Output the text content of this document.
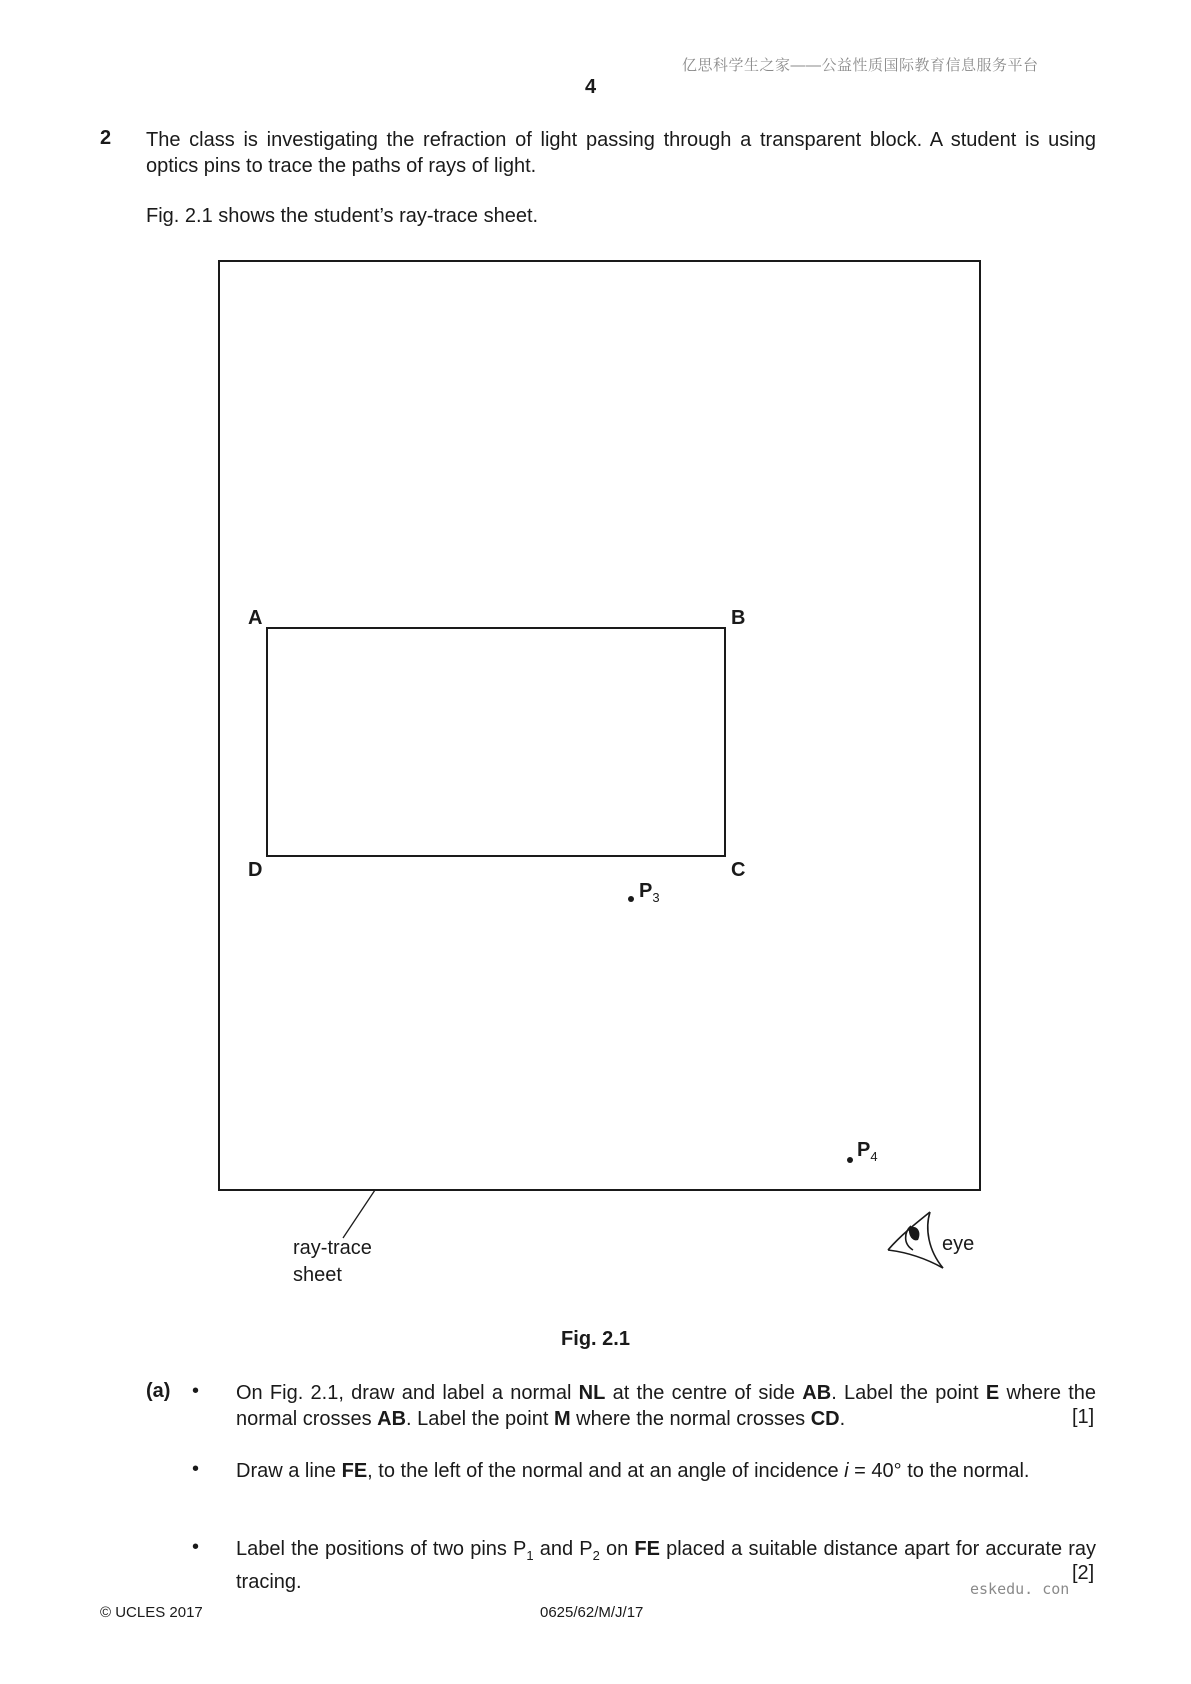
亿思科学生之家——公益性质国际教育信息服务平台
4
2 The class is investigating the refraction of light passing through a transparent block. A student is using optics pins to trace the paths of rays of light.
Fig. 2.1 shows the student’s ray-trace sheet.
A	B
C
D
$P_3$
$P_4$
ray-trace
sheet
eye
Fig. 2.1
(a) • On Fig. 2.1, draw and label a normal NL at the centre of side AB. Label the point E where the normal crosses AB. Label the point M where the normal crosses CD.	[1]
• Draw a line FE, to the left of the normal and at an angle of incidence i = 40° to the normal.
• Label the positions of two pins $P_1$ and $P_2$ on FE placed a suitable distance apart for accurate ray tracing.	[2]
eskedu. con
© UCLES 2017	0625/62/M/J/17
